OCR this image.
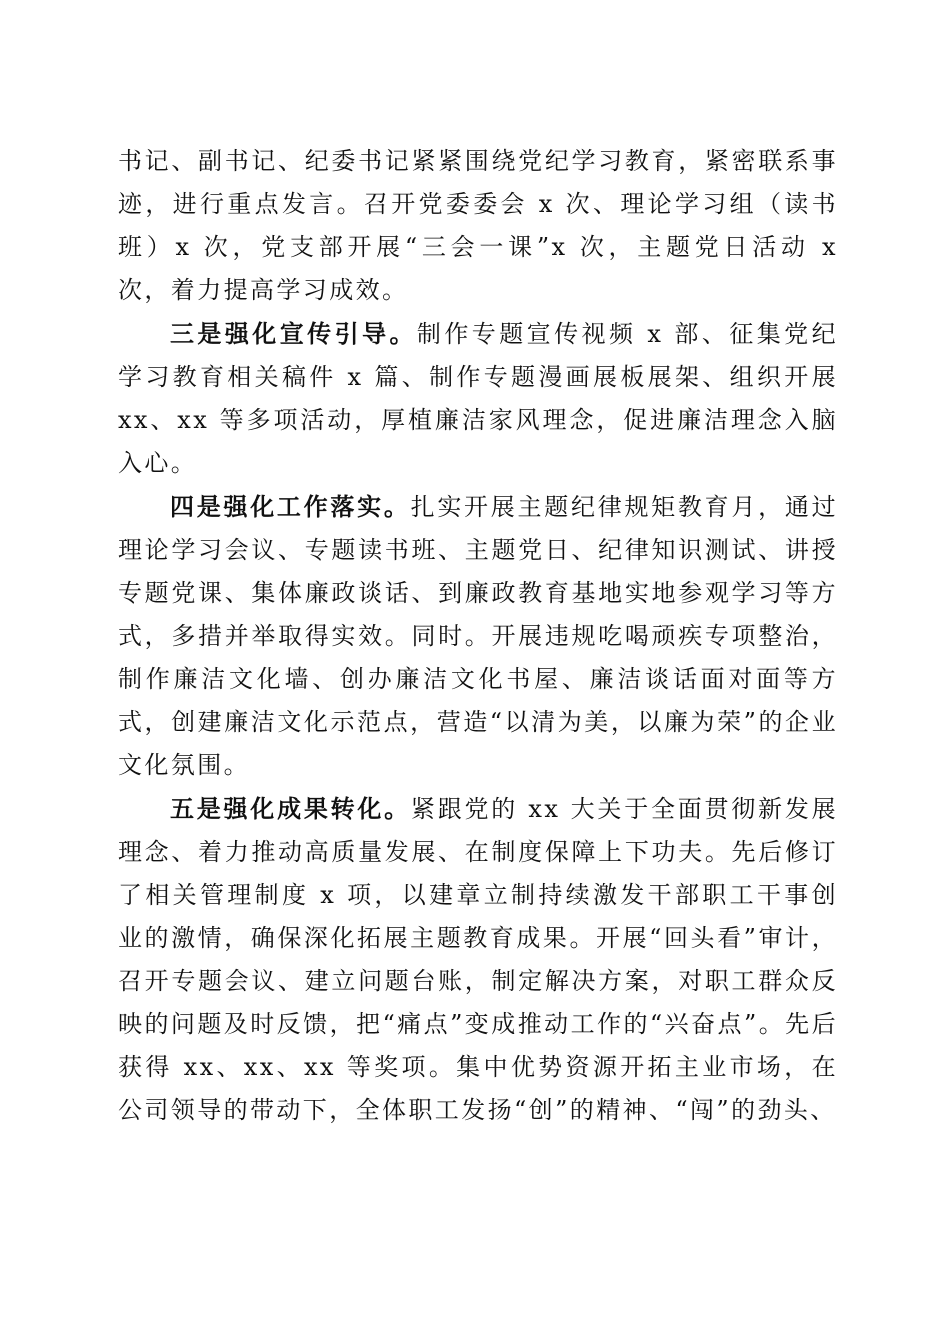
书记、副书记、纪委书记紧紧围绕党纪学习教育，紧密联系事迹，进行重点发言。召开党委委会 x 次、理论学习组（读书班）x 次，党支部开展“三会一课”x 次，主题党日活动 x 次，着力提高学习成效。

三是强化宣传引导。制作专题宣传视频 x 部、征集党纪学习教育相关稿件 x 篇、制作专题漫画展板展架、组织开展 xx、xx 等多项活动，厚植廉洁家风理念，促进廉洁理念入脑入心。

四是强化工作落实。扎实开展主题纪律规矩教育月，通过理论学习会议、专题读书班、主题党日、纪律知识测试、讲授专题党课、集体廉政谈话、到廉政教育基地实地参观学习等方式，多措并举取得实效。同时。开展违规吃喝顽疾专项整治，制作廉洁文化墙、创办廉洁文化书屋、廉洁谈话面对面等方式，创建廉洁文化示范点，营造“以清为美，以廉为荣”的企业文化氛围。

五是强化成果转化。紧跟党的 xx 大关于全面贯彻新发展理念、着力推动高质量发展、在制度保障上下功夫。先后修订了相关管理制度 x 项，以建章立制持续激发干部职工干事创业的激情，确保深化拓展主题教育成果。开展“回头看”审计，召开专题会议、建立问题台账，制定解决方案，对职工群众反映的问题及时反馈，把“痛点”变成推动工作的“兴奋点”。先后获得 xx、xx、xx 等奖项。集中优势资源开拓主业市场，在公司领导的带动下，全体职工发扬“创”的精神、“闯”的劲头、
